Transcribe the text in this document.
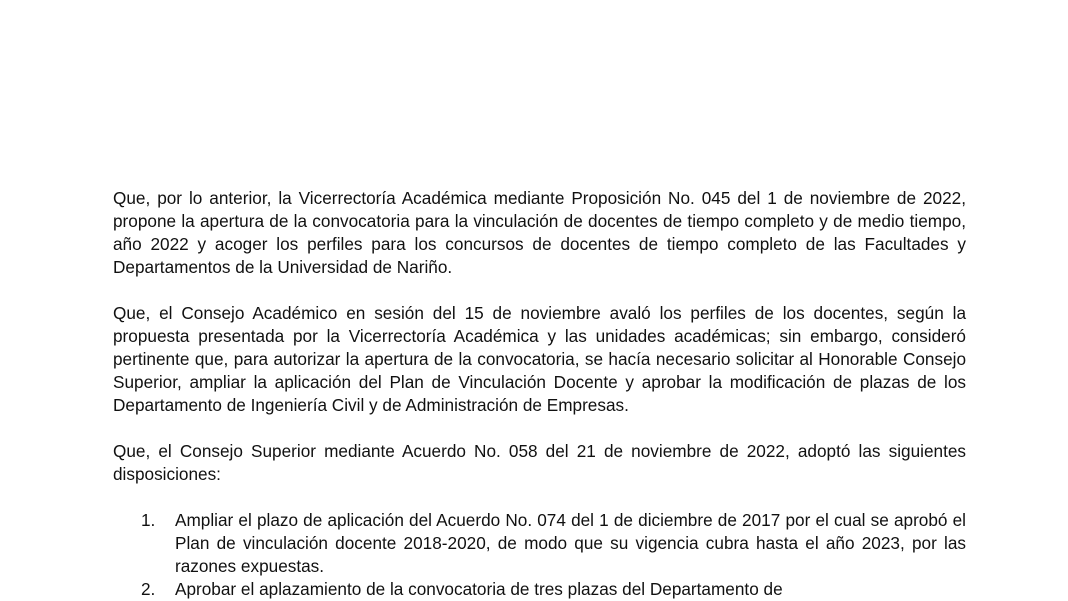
Que, por lo anterior, la Vicerrectoría Académica mediante Proposición No. 045 del 1 de noviembre de 2022, propone la apertura de la convocatoria para la vinculación de docentes de tiempo completo y de medio tiempo, año 2022 y acoger los perfiles para los concursos de docentes de tiempo completo de las Facultades y Departamentos de la Universidad de Nariño.

Que, el Consejo Académico en sesión del 15 de noviembre avaló los perfiles de los docentes, según la propuesta presentada por la Vicerrectoría Académica y las unidades académicas; sin embargo, consideró pertinente que, para autorizar la apertura de la convocatoria, se hacía necesario solicitar al Honorable Consejo Superior, ampliar la aplicación del Plan de Vinculación Docente y aprobar la modificación de plazas de los Departamento de Ingeniería Civil y de Administración de Empresas.

Que, el Consejo Superior mediante Acuerdo No. 058 del 21 de noviembre de 2022, adoptó las siguientes disposiciones:

1. Ampliar el plazo de aplicación del Acuerdo No. 074 del 1 de diciembre de 2017 por el cual se aprobó el Plan de vinculación docente 2018-2020, de modo que su vigencia cubra hasta el año 2023, por las razones expuestas.
2. Aprobar el aplazamiento de la convocatoria de tres plazas del Departamento de
